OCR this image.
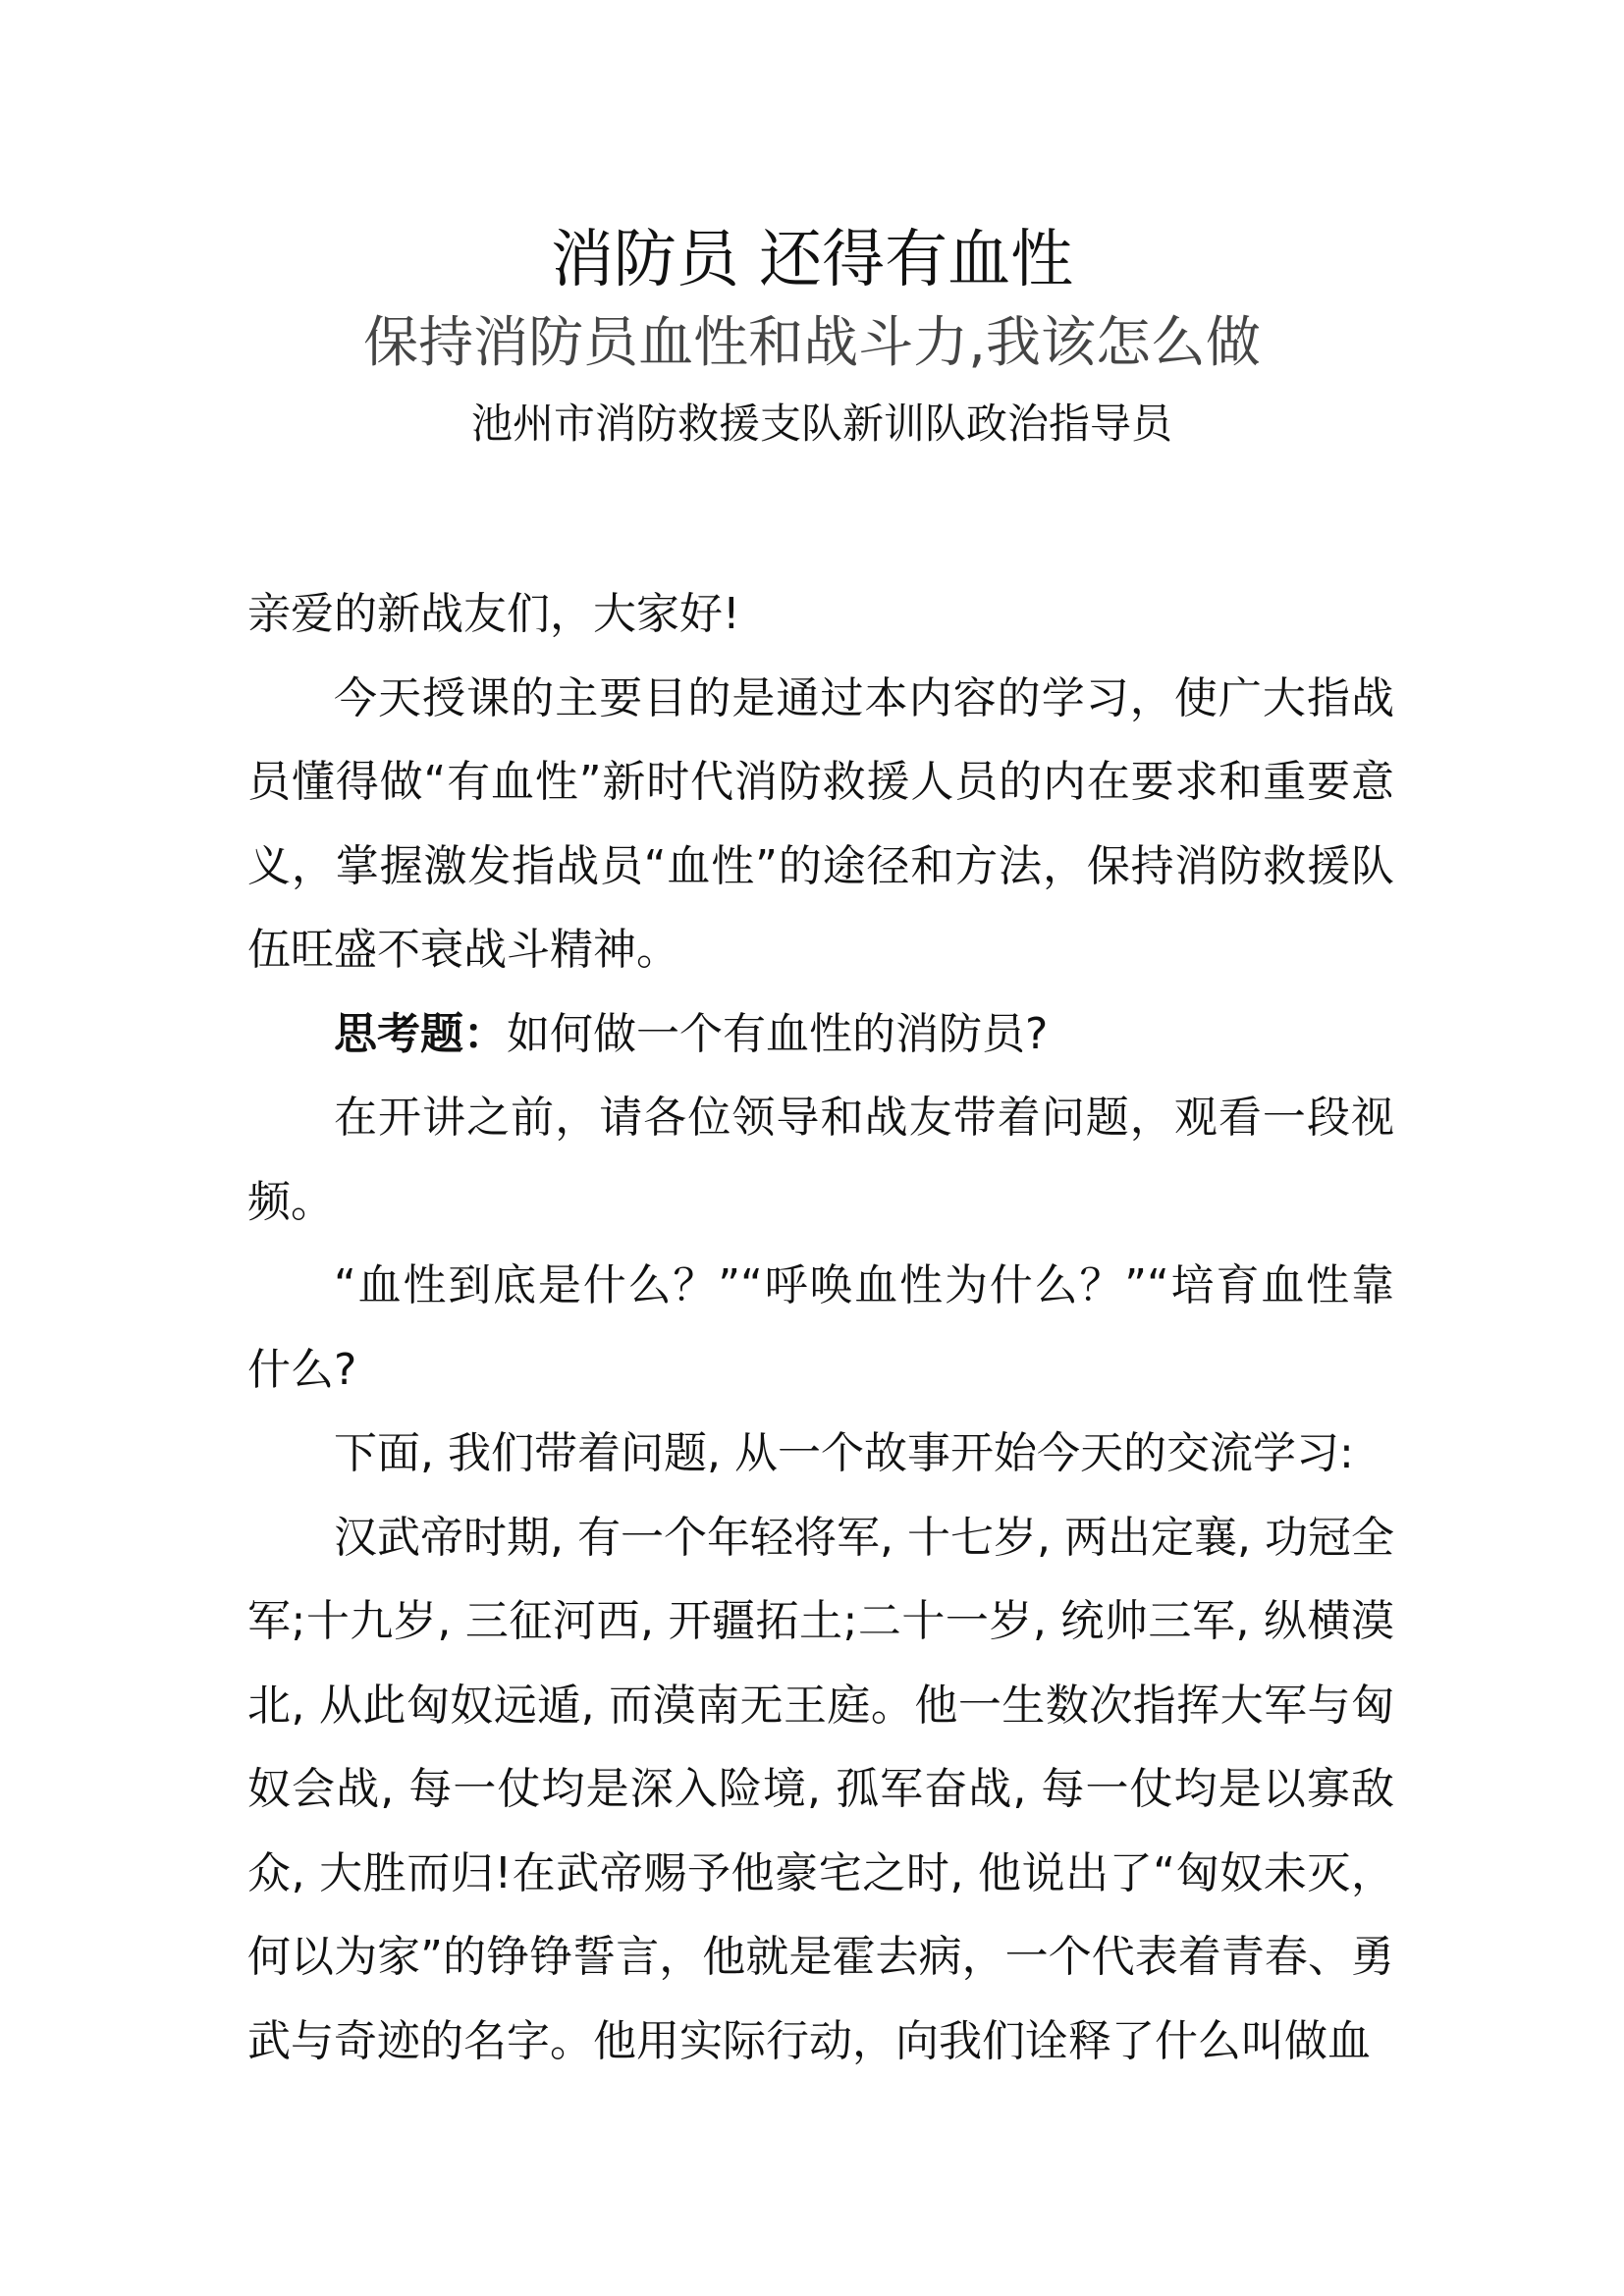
消防员 还得有血性
保持消防员血性和战斗力,我该怎么做
池州市消防救援支队新训队政治指导员

亲爱的新战友们，大家好!

今天授课的主要目的是通过本内容的学习，使广大指战员懂得做“有血性”新时代消防救援人员的内在要求和重要意义，掌握激发指战员“血性”的途径和方法，保持消防救援队伍旺盛不衰战斗精神。

思考题：如何做一个有血性的消防员?

在开讲之前，请各位领导和战友带着问题，观看一段视频。

“血性到底是什么？”“呼唤血性为什么？”“培育血性靠什么?

下面, 我们带着问题, 从一个故事开始今天的交流学习:

汉武帝时期, 有一个年轻将军, 十七岁, 两出定襄, 功冠全军;十九岁, 三征河西, 开疆拓土;二十一岁, 统帅三军, 纵横漠北, 从此匈奴远遁, 而漠南无王庭。他一生数次指挥大军与匈奴会战, 每一仗均是深入险境, 孤军奋战, 每一仗均是以寡敌众, 大胜而归!在武帝赐予他豪宅之时, 他说出了“匈奴未灭，何以为家”的铮铮誓言，他就是霍去病，一个代表着青春、勇武与奇迹的名字。他用实际行动，向我们诠释了什么叫做血
